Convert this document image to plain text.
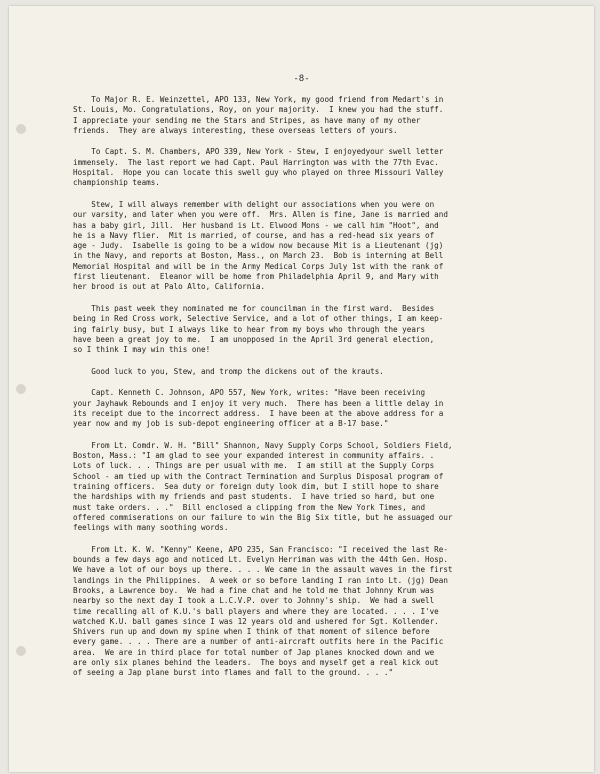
-8-
To Major R. E. Weinzettel, APO 133, New York, my good friend from Medart's in
St. Louis, Mo. Congratulations, Roy, on your majority.  I knew you had the stuff.
I appreciate your sending me the Stars and Stripes, as have many of my other
friends.  They are always interesting, these overseas letters of yours.
To Capt. S. M. Chambers, APO 339, New York - Stew, I enjoyedyour swell letter
immensely.  The last report we had Capt. Paul Harrington was with the 77th Evac.
Hospital.  Hope you can locate this swell guy who played on three Missouri Valley
championship teams.
Stew, I will always remember with delight our associations when you were on
our varsity, and later when you were off.  Mrs. Allen is fine, Jane is married and
has a baby girl, Jill.  Her husband is Lt. Elwood Mons - we call him "Hoot", and
he is a Navy flier.  Mit is married, of course, and has a red-head six years of
age - Judy.  Isabelle is going to be a widow now because Mit is a Lieutenant (jg)
in the Navy, and reports at Boston, Mass., on March 23.  Bob is interning at Bell
Memorial Hospital and will be in the Army Medical Corps July 1st with the rank of
first lieutenant.  Eleanor will be home from Philadelphia April 9, and Mary with
her brood is out at Palo Alto, California.
This past week they nominated me for councilman in the first ward.  Besides
being in Red Cross work, Selective Service, and a lot of other things, I am keep-
ing fairly busy, but I always like to hear from my boys who through the years
have been a great joy to me.  I am unopposed in the April 3rd general election,
so I think I may win this one!
Good luck to you, Stew, and tromp the dickens out of the krauts.
Capt. Kenneth C. Johnson, APO 557, New York, writes: "Have been receiving
your Jayhawk Rebounds and I enjoy it very much.  There has been a little delay in
its receipt due to the incorrect address.  I have been at the above address for a
year now and my job is sub-depot engineering officer at a B-17 base."
From Lt. Comdr. W. H. "Bill" Shannon, Navy Supply Corps School, Soldiers Field,
Boston, Mass.: "I am glad to see your expanded interest in community affairs. .
Lots of luck. . . Things are per usual with me.  I am still at the Supply Corps
School - am tied up with the Contract Termination and Surplus Disposal program of
training officers.  Sea duty or foreign duty look dim, but I still hope to share
the hardships with my friends and past students.  I have tried so hard, but one
must take orders. . ."  Bill enclosed a clipping from the New York Times, and
offered commiserations on our failure to win the Big Six title, but he assuaged our
feelings with many soothing words.
From Lt. K. W. "Kenny" Keene, APO 235, San Francisco: "I received the last Re-
bounds a few days ago and noticed Lt. Evelyn Herriman was with the 44th Gen. Hosp.
We have a lot of our boys up there. . . . We came in the assault waves in the first
landings in the Philippines.  A week or so before landing I ran into Lt. (jg) Dean
Brooks, a Lawrence boy.  We had a fine chat and he told me that Johnny Krum was
nearby so the next day I took a L.C.V.P. over to Johnny's ship.  We had a swell
time recalling all of K.U.'s ball players and where they are located. . . . I've
watched K.U. ball games since I was 12 years old and ushered for Sgt. Kollender.
Shivers run up and down my spine when I think of that moment of silence before
every game. . . . There are a number of anti-aircraft outfits here in the Pacific
area.  We are in third place for total number of Jap planes knocked down and we
are only six planes behind the leaders.  The boys and myself get a real kick out
of seeing a Jap plane burst into flames and fall to the ground. . . ."
